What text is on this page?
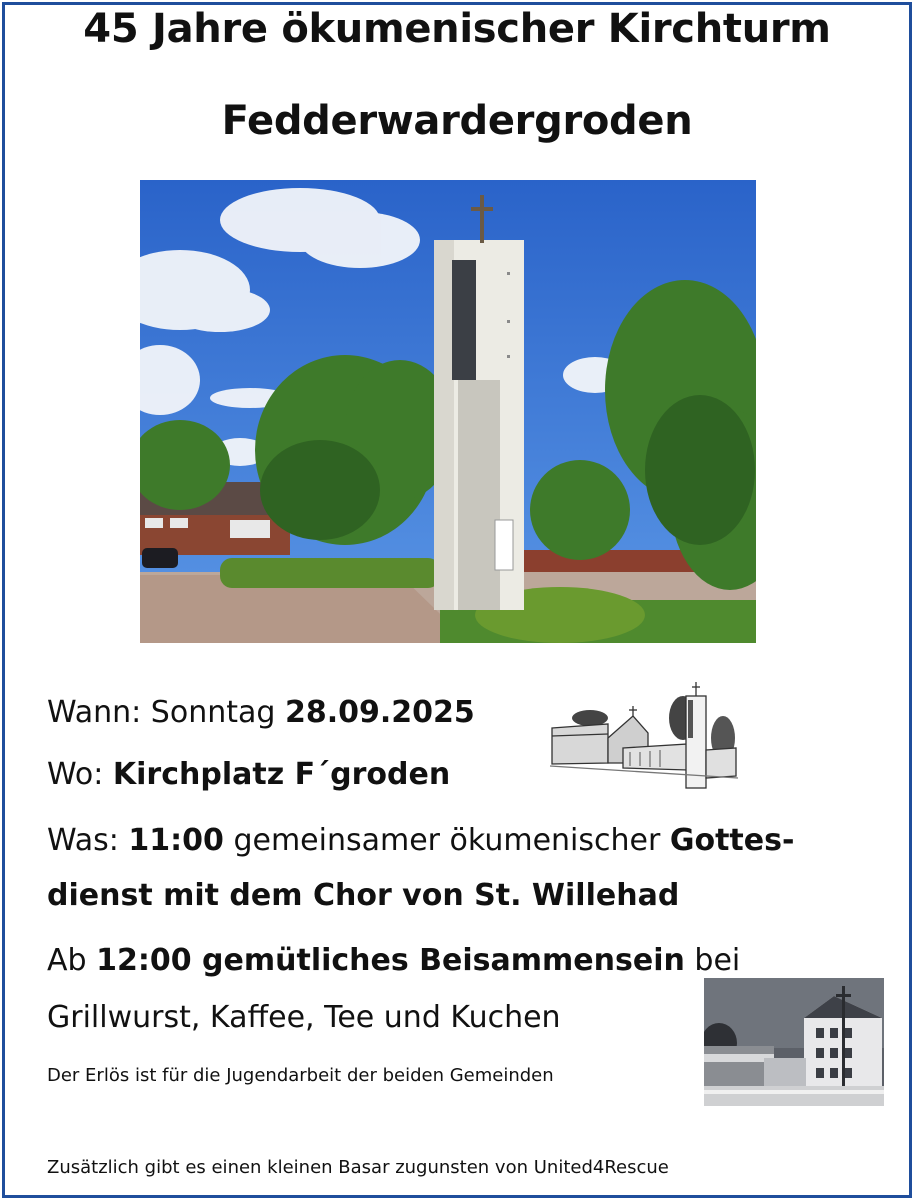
45 Jahre ökumenischer Kirchturm
Fedderwardergroden
Wann: Sonntag 28.09.2025
Wo: Kirchplatz F´groden
Was: 11:00 gemeinsamer ökumenischer Gottes-
dienst mit dem Chor von St. Willehad
Ab 12:00 gemütliches Beisammensein bei
Grillwurst, Kaffee, Tee und Kuchen
Der Erlös ist für die Jugendarbeit der beiden Gemeinden
Zusätzlich gibt es einen kleinen Basar zugunsten von United4Rescue
